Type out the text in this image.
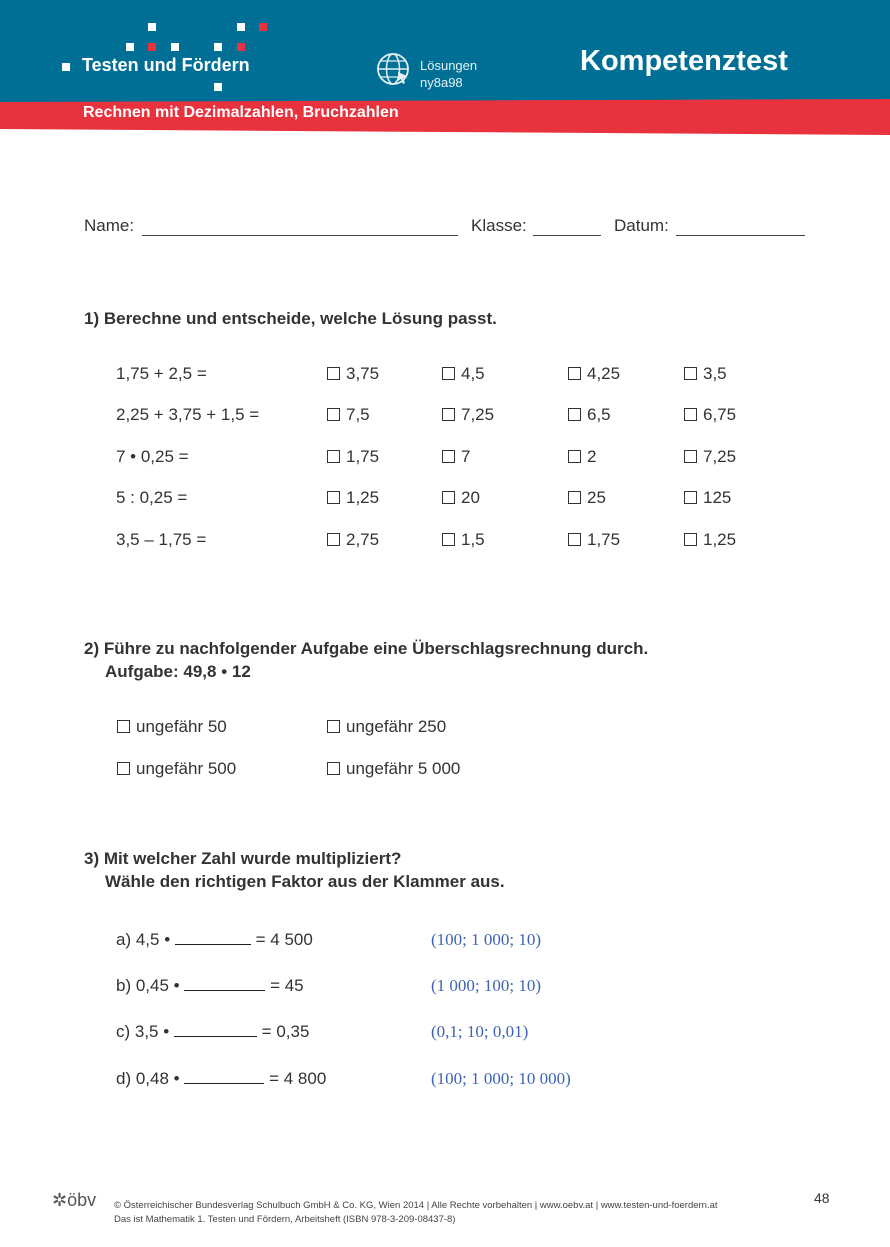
Testen und Fördern	Lösungen
ny8a98
Kompetenztest
Rechnen mit Dezimalzahlen, Bruchzahlen
Name:	Klasse:	Datum:
1) Berechne und entscheide, welche Lösung passt.
1,75 + 2,5 =	3,75	4,5	4,25	3,5
2,25 + 3,75 + 1,5 =	7,5	7,25	6,5	6,75
7 • 0,25 =	1,75	7	2	7,25
5 : 0,25 =	1,25	20	25	125
3,5 – 1,75 =	2,75	1,5	1,75	1,25
2) Führe zu nachfolgender Aufgabe eine Überschlagsrechnung durch.
Aufgabe: 49,8 • 12
ungefähr 50	ungefähr 250
ungefähr 500	ungefähr 5 000
3) Mit welcher Zahl wurde multipliziert?
Wähle den richtigen Faktor aus der Klammer aus.
a) 4,5 •	= 4 500	(100; 1 000; 10)
b) 0,45 •	= 45	(1 000; 100; 10)
c) 3,5 •	= 0,35	(0,1; 10; 0,01)
d) 0,48 •	= 4 800	(100; 1 000; 10 000)
✲öbv © Österreichischer Bundesverlag Schulbuch GmbH & Co. KG, Wien 2014 | Alle Rechte vorbehalten | www.oebv.at | www.testen-und-foerdern.at
Das ist Mathematik 1. Testen und Fördern, Arbeitsheft (ISBN 978-3-209-08437-8)
48
